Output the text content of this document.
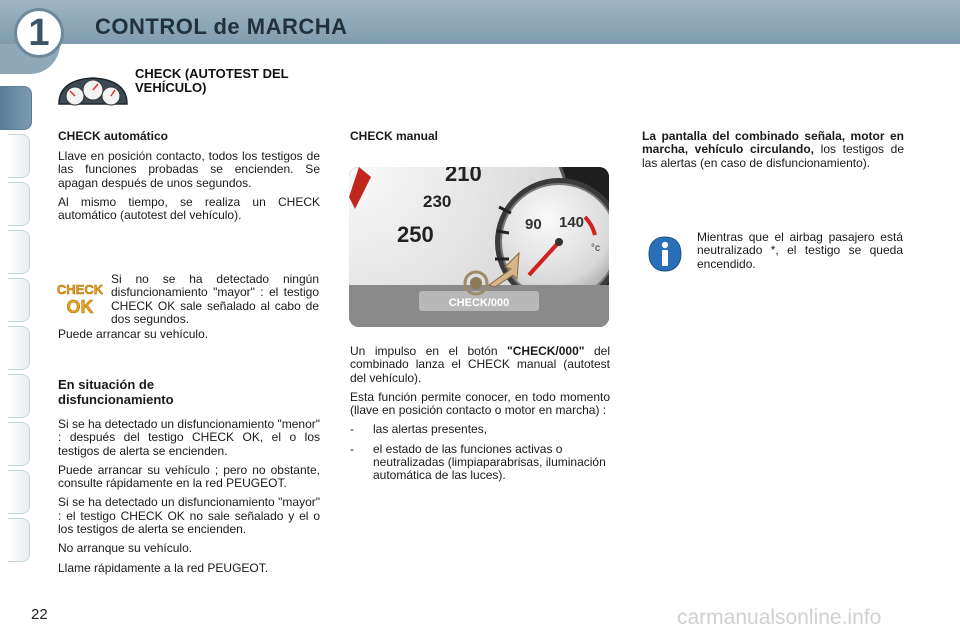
1	CONTROL de MARCHA
CHECK (AUTOTEST DEL VEHÍCULO)
CHECK automático

Llave en posición contacto, todos los testigos de las funciones probadas se encienden. Se apagan después de unos segundos.

Al mismo tiempo, se realiza un CHECK automático (autotest del vehículo).

CHECK
OK

Si no se ha detectado ningún disfuncionamiento "mayor" : el testigo CHECK OK sale señalado al cabo de dos segundos.

Puede arrancar su vehículo.
En situación de disfuncionamiento

Si se ha detectado un disfuncionamiento "menor" : después del testigo CHECK OK, el o los testigos de alerta se encienden.

Puede arrancar su vehículo ; pero no obstante, consulte rápidamente en la red PEUGEOT.

Si se ha detectado un disfuncionamiento "mayor" : el testigo CHECK OK no sale señalado y el o los testigos de alerta se encienden.

No arranque su vehículo.

Llame rápidamente a la red PEUGEOT.

CHECK manual
210
230
250	90 140
°c
CHECK/000

Un impulso en el botón "CHECK/000" del combinado lanza el CHECK manual (autotest del vehículo).

Esta función permite conocer, en todo momento (llave en posición contacto o motor en marcha) :

- las alertas presentes,
- el estado de las funciones activas o neutralizadas (limpiaparabrisas, iluminación automática de las luces).

La pantalla del combinado señala, motor en marcha, vehículo circulando, los testigos de las alertas (en caso de disfuncionamiento).

Mientras que el airbag pasajero está neutralizado *, el testigo se queda encendido.

22	carmanualsonline.info
